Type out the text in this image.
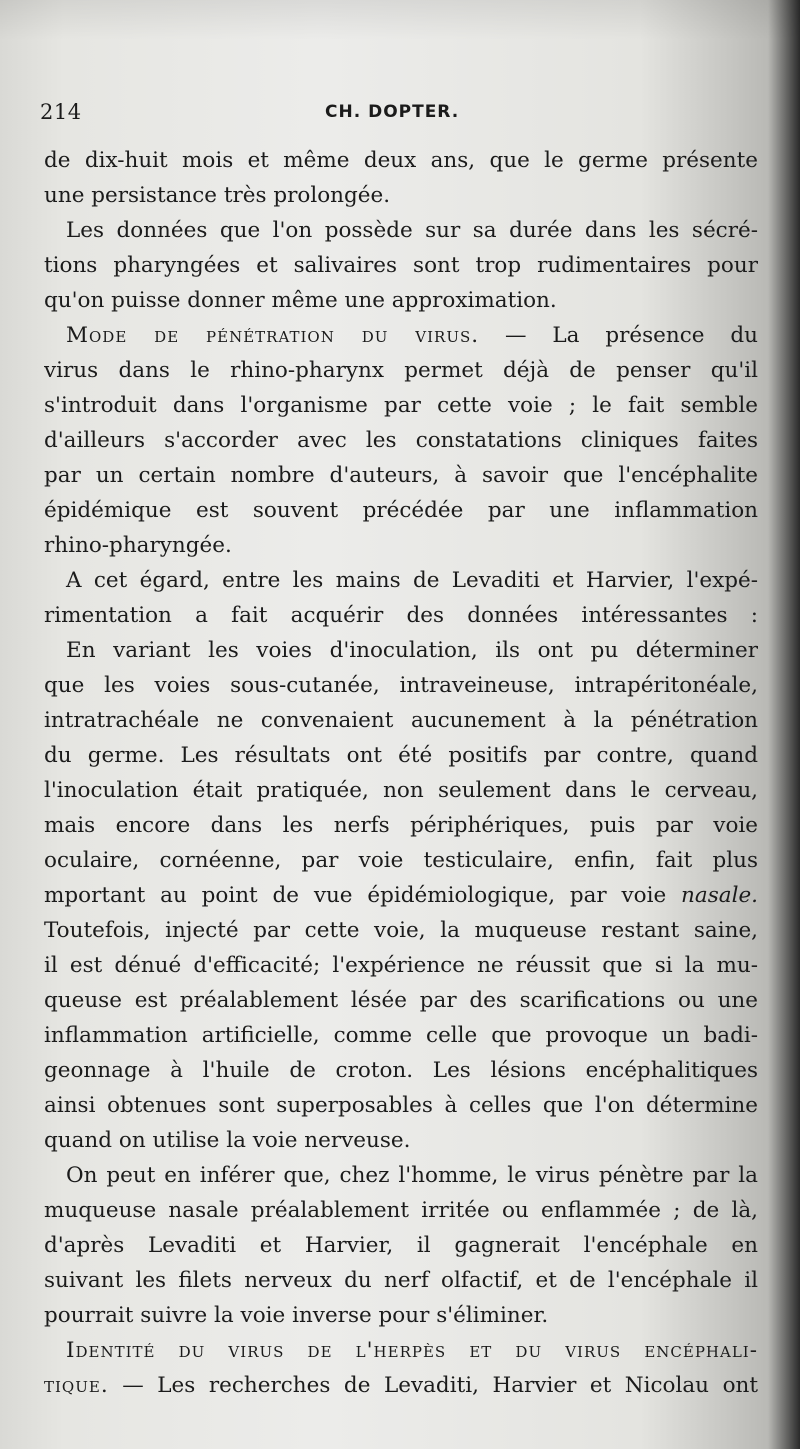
214	CH. DOPTER.
de dix-huit mois et même deux ans, que le germe présente
une persistance très prolongée.
Les données que l'on possède sur sa durée dans les sécré-
tions pharyngées et salivaires sont trop rudimentaires pour
qu'on puisse donner même une approximation.
Mode de pénétration du virus. — La présence du
virus dans le rhino-pharynx permet déjà de penser qu'il
s'introduit dans l'organisme par cette voie ; le fait semble
d'ailleurs s'accorder avec les constatations cliniques faites
par un certain nombre d'auteurs, à savoir que l'encéphalite
épidémique est souvent précédée par une inflammation
rhino-pharyngée.
A cet égard, entre les mains de Levaditi et Harvier, l'expé-
rimentation a fait acquérir des données intéressantes :
En variant les voies d'inoculation, ils ont pu déterminer
que les voies sous-cutanée, intraveineuse, intrapéritonéale,
intratrachéale ne convenaient aucunement à la pénétration
du germe. Les résultats ont été positifs par contre, quand
l'inoculation était pratiquée, non seulement dans le cerveau,
mais encore dans les nerfs périphériques, puis par voie
oculaire, cornéenne, par voie testiculaire, enfin, fait plus
mportant au point de vue épidémiologique, par voie nasale.
Toutefois, injecté par cette voie, la muqueuse restant saine,
il est dénué d'efficacité; l'expérience ne réussit que si la mu-
queuse est préalablement lésée par des scarifications ou une
inflammation artificielle, comme celle que provoque un badi-
geonnage à l'huile de croton. Les lésions encéphalitiques
ainsi obtenues sont superposables à celles que l'on détermine
quand on utilise la voie nerveuse.
On peut en inférer que, chez l'homme, le virus pénètre par la
muqueuse nasale préalablement irritée ou enflammée ; de là,
d'après Levaditi et Harvier, il gagnerait l'encéphale en
suivant les filets nerveux du nerf olfactif, et de l'encéphale il
pourrait suivre la voie inverse pour s'éliminer.
Identité du virus de l'herpès et du virus encéphali-
tique. — Les recherches de Levaditi, Harvier et Nicolau ont
